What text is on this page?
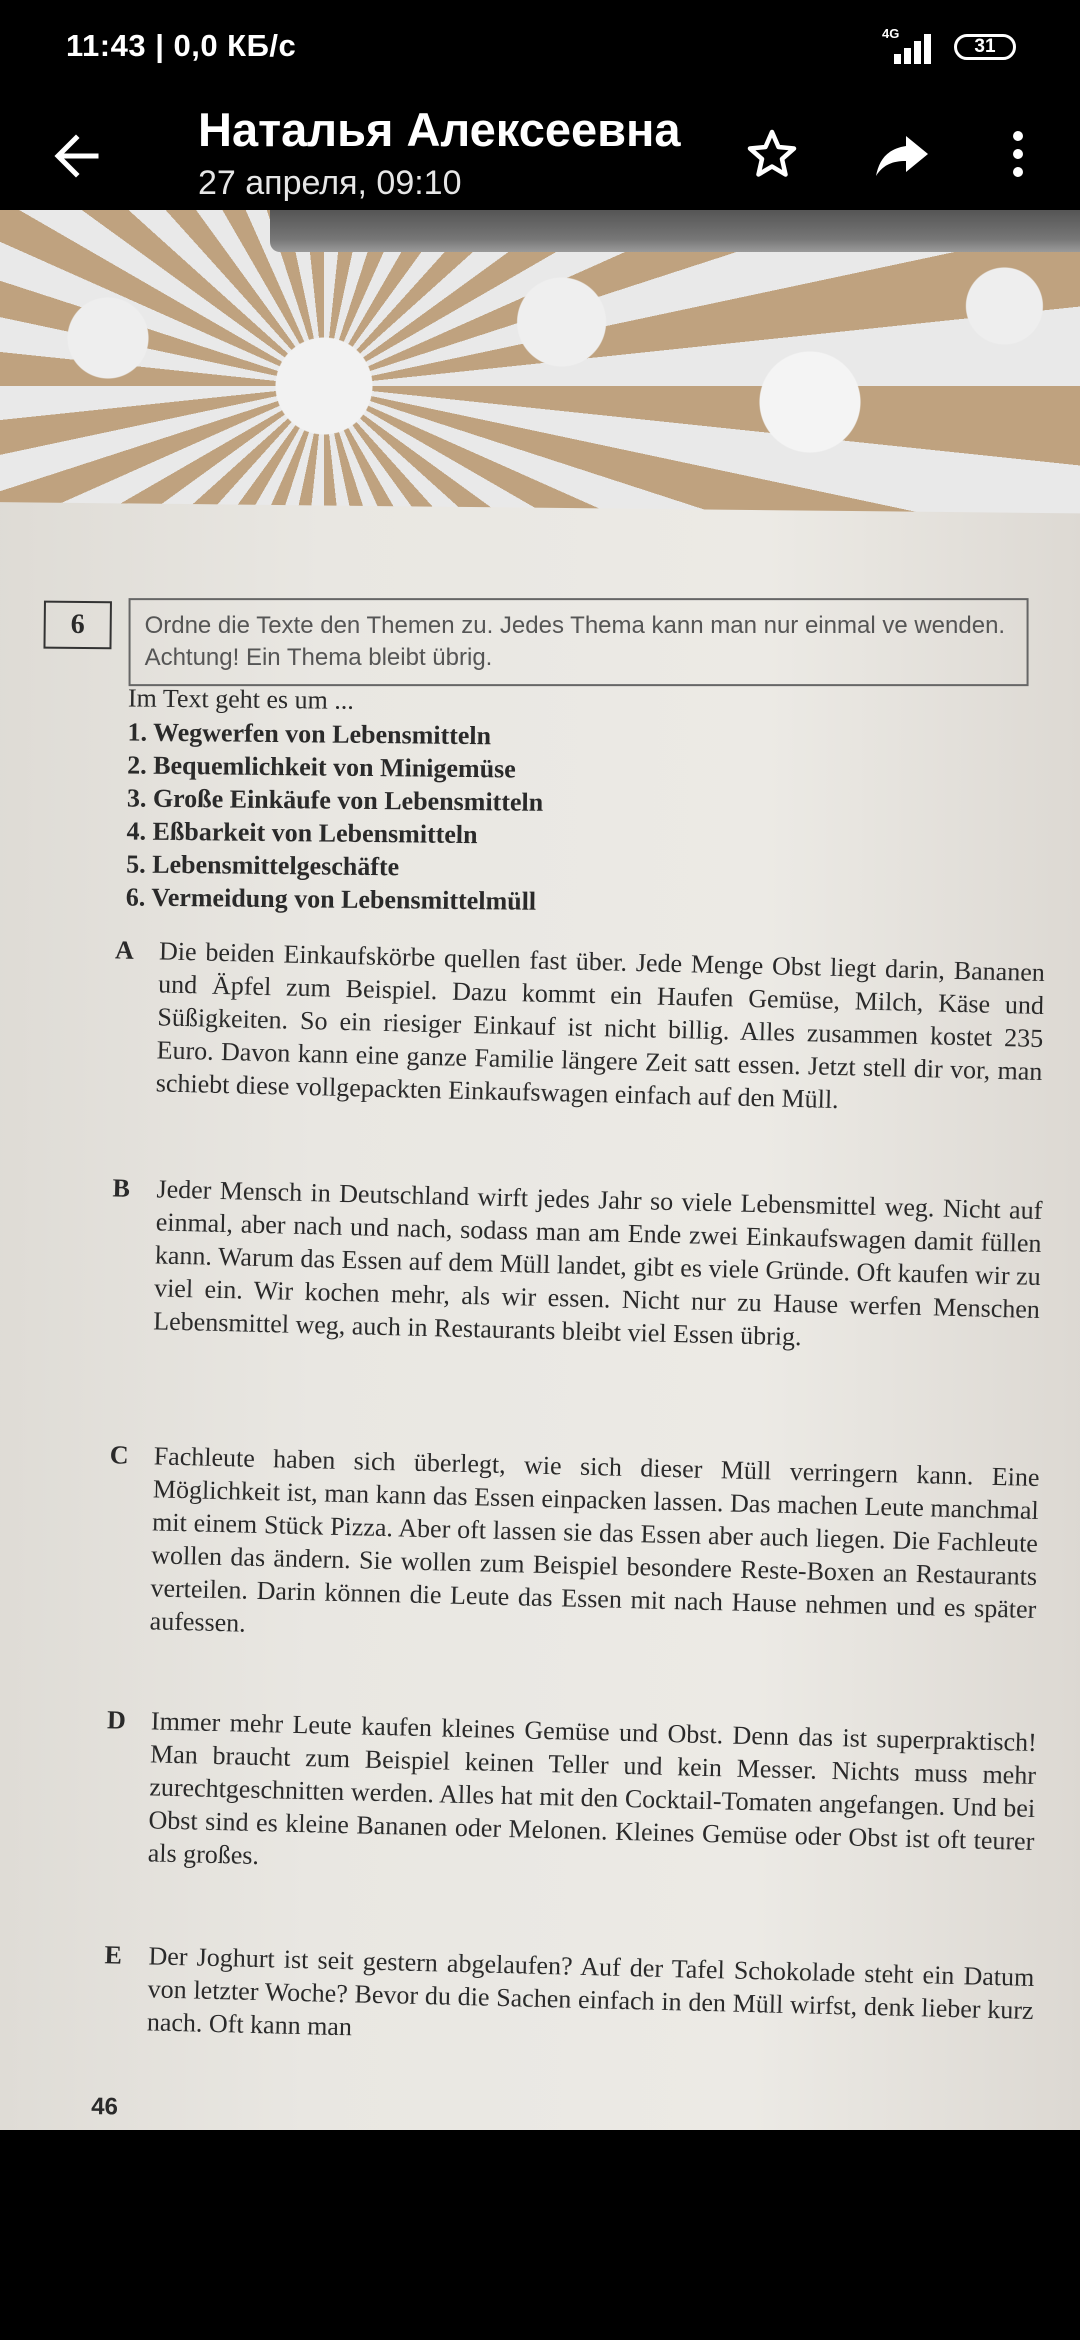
11:43 | 0,0 КБ/с	4G
31
Наталья Алексеевна
27 апреля, 09:10
6	Ordne die Texte den Themen zu. Jedes Thema kann man nur einmal ve wenden. Achtung! Ein Thema bleibt übrig.
Im Text geht es um ...
1. Wegwerfen von Lebensmitteln
2. Bequemlichkeit von Minigemüse
3. Große Einkäufe von Lebensmitteln
4. Eßbarkeit von Lebensmitteln
5. Lebensmittelgeschäfte
6. Vermeidung von Lebensmittelmüll
A Die beiden Einkaufskörbe quellen fast über. Jede Menge Obst liegt darin, Bananen und Äpfel zum Beispiel. Dazu kommt ein Haufen Gemüse, Milch, Käse und Süßigkeiten. So ein riesiger Einkauf ist nicht billig. Alles zusammen kostet 235 Euro. Davon kann eine ganze Familie längere Zeit satt essen. Jetzt stell dir vor, man schiebt diese vollgepackten Einkaufswagen einfach auf den Müll.
B Jeder Mensch in Deutschland wirft jedes Jahr so viele Lebensmittel weg. Nicht auf einmal, aber nach und nach, sodass man am Ende zwei Einkaufswagen damit füllen kann. Warum das Essen auf dem Müll landet, gibt es viele Gründe. Oft kaufen wir zu viel ein. Wir kochen mehr, als wir essen. Nicht nur zu Hause werfen Menschen Lebensmittel weg, auch in Restaurants bleibt viel Essen übrig.
C Fachleute haben sich überlegt, wie sich dieser Müll verringern kann. Eine Möglichkeit ist, man kann das Essen einpacken lassen. Das machen Leute manchmal mit einem Stück Pizza. Aber oft lassen sie das Essen aber auch liegen. Die Fachleute wollen das ändern. Sie wollen zum Beispiel besondere Reste-Boxen an Restaurants verteilen. Darin können die Leute das Essen mit nach Hause nehmen und es später aufessen.
D Immer mehr Leute kaufen kleines Gemüse und Obst. Denn das ist superpraktisch! Man braucht zum Beispiel keinen Teller und kein Messer. Nichts muss mehr zurechtgeschnitten werden. Alles hat mit den Cocktail-Tomaten angefangen. Und bei Obst sind es kleine Bananen oder Melonen. Kleines Gemüse oder Obst ist oft teurer als großes.
E Der Joghurt ist seit gestern abgelaufen? Auf der Tafel Schokolade steht ein Datum von letzter Woche? Bevor du die Sachen einfach in den Müll wirfst, denk lieber kurz nach. Oft kann man
46
